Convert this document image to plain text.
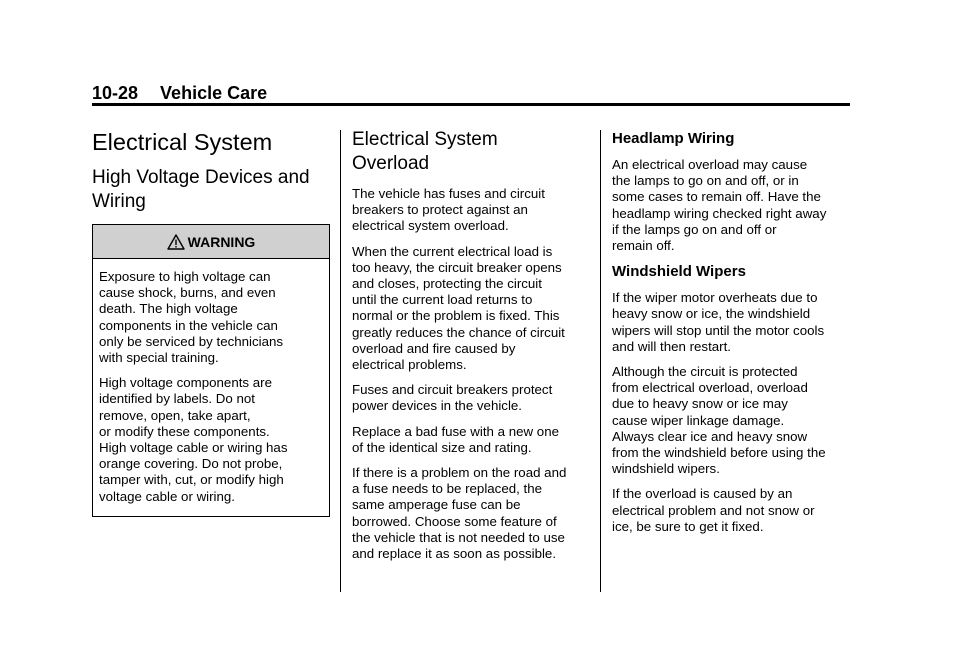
10-28 Vehicle Care
Electrical System
High Voltage Devices and
Wiring
WARNING

Exposure to high voltage can
cause shock, burns, and even
death. The high voltage
components in the vehicle can
only be serviced by technicians
with special training.

High voltage components are
identified by labels. Do not
remove, open, take apart,
or modify these components.
High voltage cable or wiring has
orange covering. Do not probe,
tamper with, cut, or modify high
voltage cable or wiring.

Electrical System
Overload

The vehicle has fuses and circuit
breakers to protect against an
electrical system overload.

When the current electrical load is
too heavy, the circuit breaker opens
and closes, protecting the circuit
until the current load returns to
normal or the problem is fixed. This
greatly reduces the chance of circuit
overload and fire caused by
electrical problems.

Fuses and circuit breakers protect
power devices in the vehicle.

Replace a bad fuse with a new one
of the identical size and rating.

If there is a problem on the road and
a fuse needs to be replaced, the
same amperage fuse can be
borrowed. Choose some feature of
the vehicle that is not needed to use
and replace it as soon as possible.

Headlamp Wiring

An electrical overload may cause
the lamps to go on and off, or in
some cases to remain off. Have the
headlamp wiring checked right away
if the lamps go on and off or
remain off.

Windshield Wipers

If the wiper motor overheats due to
heavy snow or ice, the windshield
wipers will stop until the motor cools
and will then restart.

Although the circuit is protected
from electrical overload, overload
due to heavy snow or ice may
cause wiper linkage damage.
Always clear ice and heavy snow
from the windshield before using the
windshield wipers.

If the overload is caused by an
electrical problem and not snow or
ice, be sure to get it fixed.
